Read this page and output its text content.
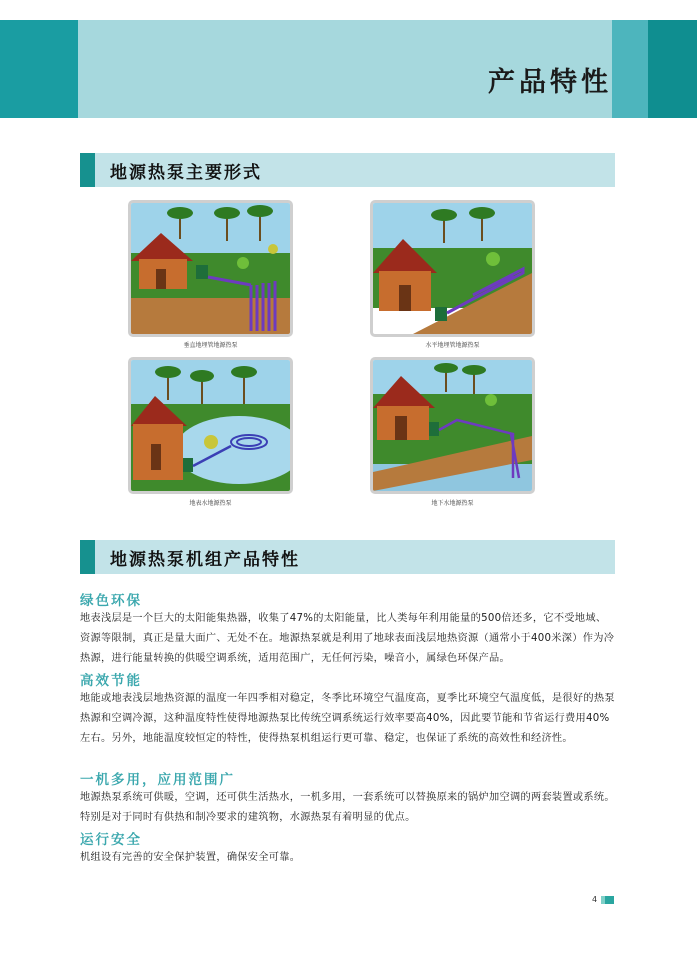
产品特性
地源热泵主要形式
垂直地埋管地源热泵	水平地埋管地源热泵
地表水地源热泵	地下水地源热泵
地源热泵机组产品特性
绿色环保
地表浅层是一个巨大的太阳能集热器，收集了47%的太阳能量，比人类每年利用能量的500倍还多，它不受地域、资源等限制，真正是量大面广、无处不在。地源热泵就是利用了地球表面浅层地热资源（通常小于400米深）作为冷热源，进行能量转换的供暖空调系统，适用范围广，无任何污染，噪音小，属绿色环保产品。
高效节能
地能或地表浅层地热资源的温度一年四季相对稳定，冬季比环境空气温度高，夏季比环境空气温度低，是很好的热泵热源和空调冷源，这种温度特性使得地源热泵比传统空调系统运行效率要高40%，因此要节能和节省运行费用40%左右。另外，地能温度较恒定的特性，使得热泵机组运行更可靠、稳定，也保证了系统的高效性和经济性。
一机多用，应用范围广
地源热泵系统可供暖，空调，还可供生活热水，一机多用，一套系统可以替换原来的锅炉加空调的两套装置或系统。特别是对于同时有供热和制冷要求的建筑物，水源热泵有着明显的优点。
运行安全
机组设有完善的安全保护装置，确保安全可靠。
4
